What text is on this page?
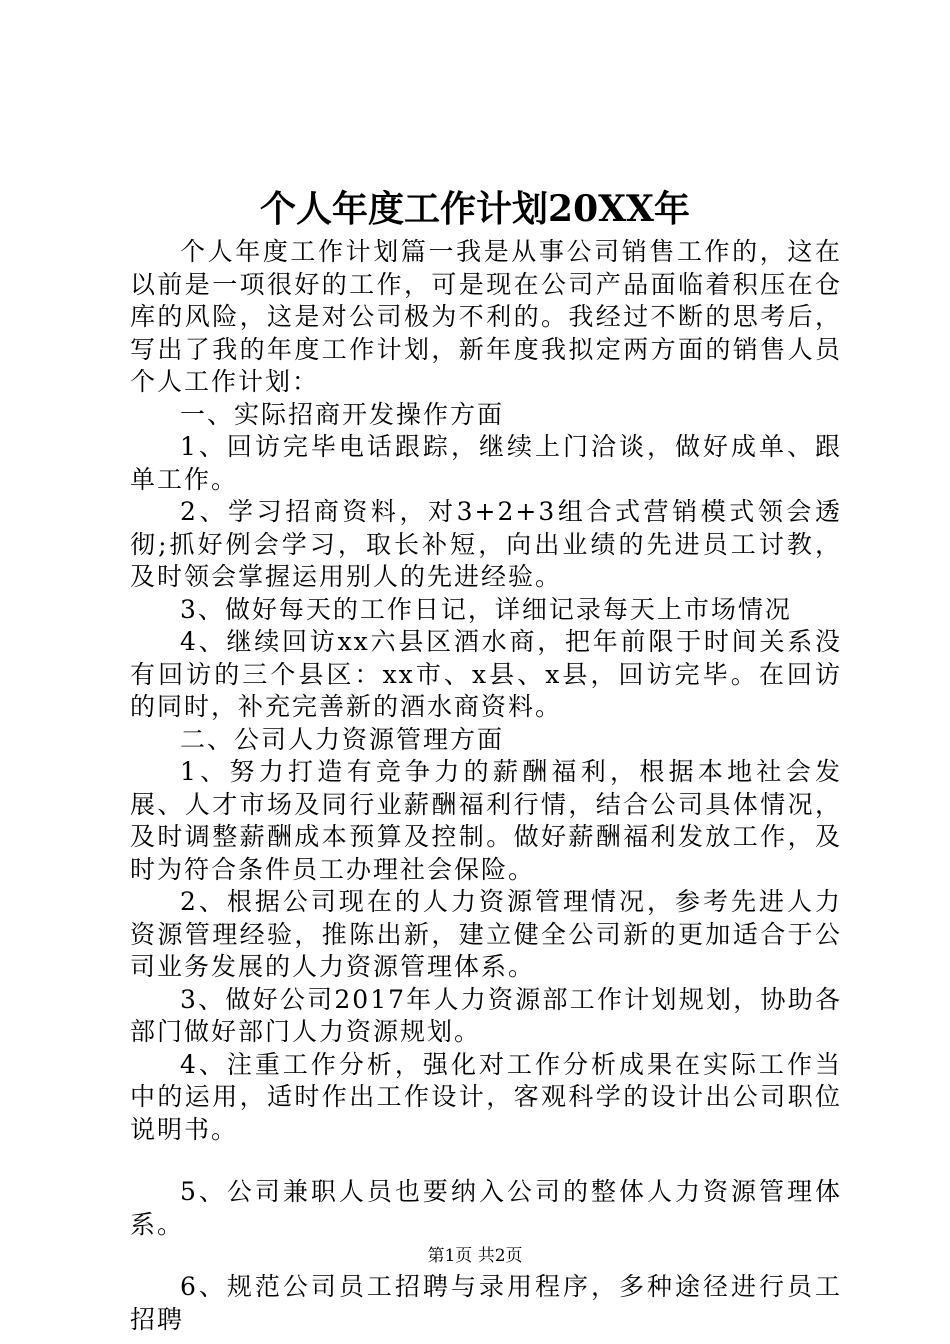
个人年度工作计划20XX年

个人年度工作计划篇一我是从事公司销售工作的，这在以前是一项很好的工作，可是现在公司产品面临着积压在仓库的风险，这是对公司极为不利的。我经过不断的思考后，写出了我的年度工作计划，新年度我拟定两方面的销售人员个人工作计划：

一、实际招商开发操作方面

1、回访完毕电话跟踪，继续上门洽谈，做好成单、跟单工作。

2、学习招商资料，对3+2+3组合式营销模式领会透彻;抓好例会学习，取长补短，向出业绩的先进员工讨教，及时领会掌握运用别人的先进经验。

3、做好每天的工作日记，详细记录每天上市场情况

4、继续回访xx六县区酒水商，把年前限于时间关系没有回访的三个县区：xx市、x县、x县，回访完毕。在回访的同时，补充完善新的酒水商资料。

二、公司人力资源管理方面

1、努力打造有竞争力的薪酬福利，根据本地社会发展、人才市场及同行业薪酬福利行情，结合公司具体情况，及时调整薪酬成本预算及控制。做好薪酬福利发放工作，及时为符合条件员工办理社会保险。

2、根据公司现在的人力资源管理情况，参考先进人力资源管理经验，推陈出新，建立健全公司新的更加适合于公司业务发展的人力资源管理体系。

3、做好公司2017年人力资源部工作计划规划，协助各部门做好部门人力资源规划。

4、注重工作分析，强化对工作分析成果在实际工作当中的运用，适时作出工作设计，客观科学的设计出公司职位说明书。

5、公司兼职人员也要纳入公司的整体人力资源管理体系。

6、规范公司员工招聘与录用程序，多种途径进行员工招聘

第1页 共2页
